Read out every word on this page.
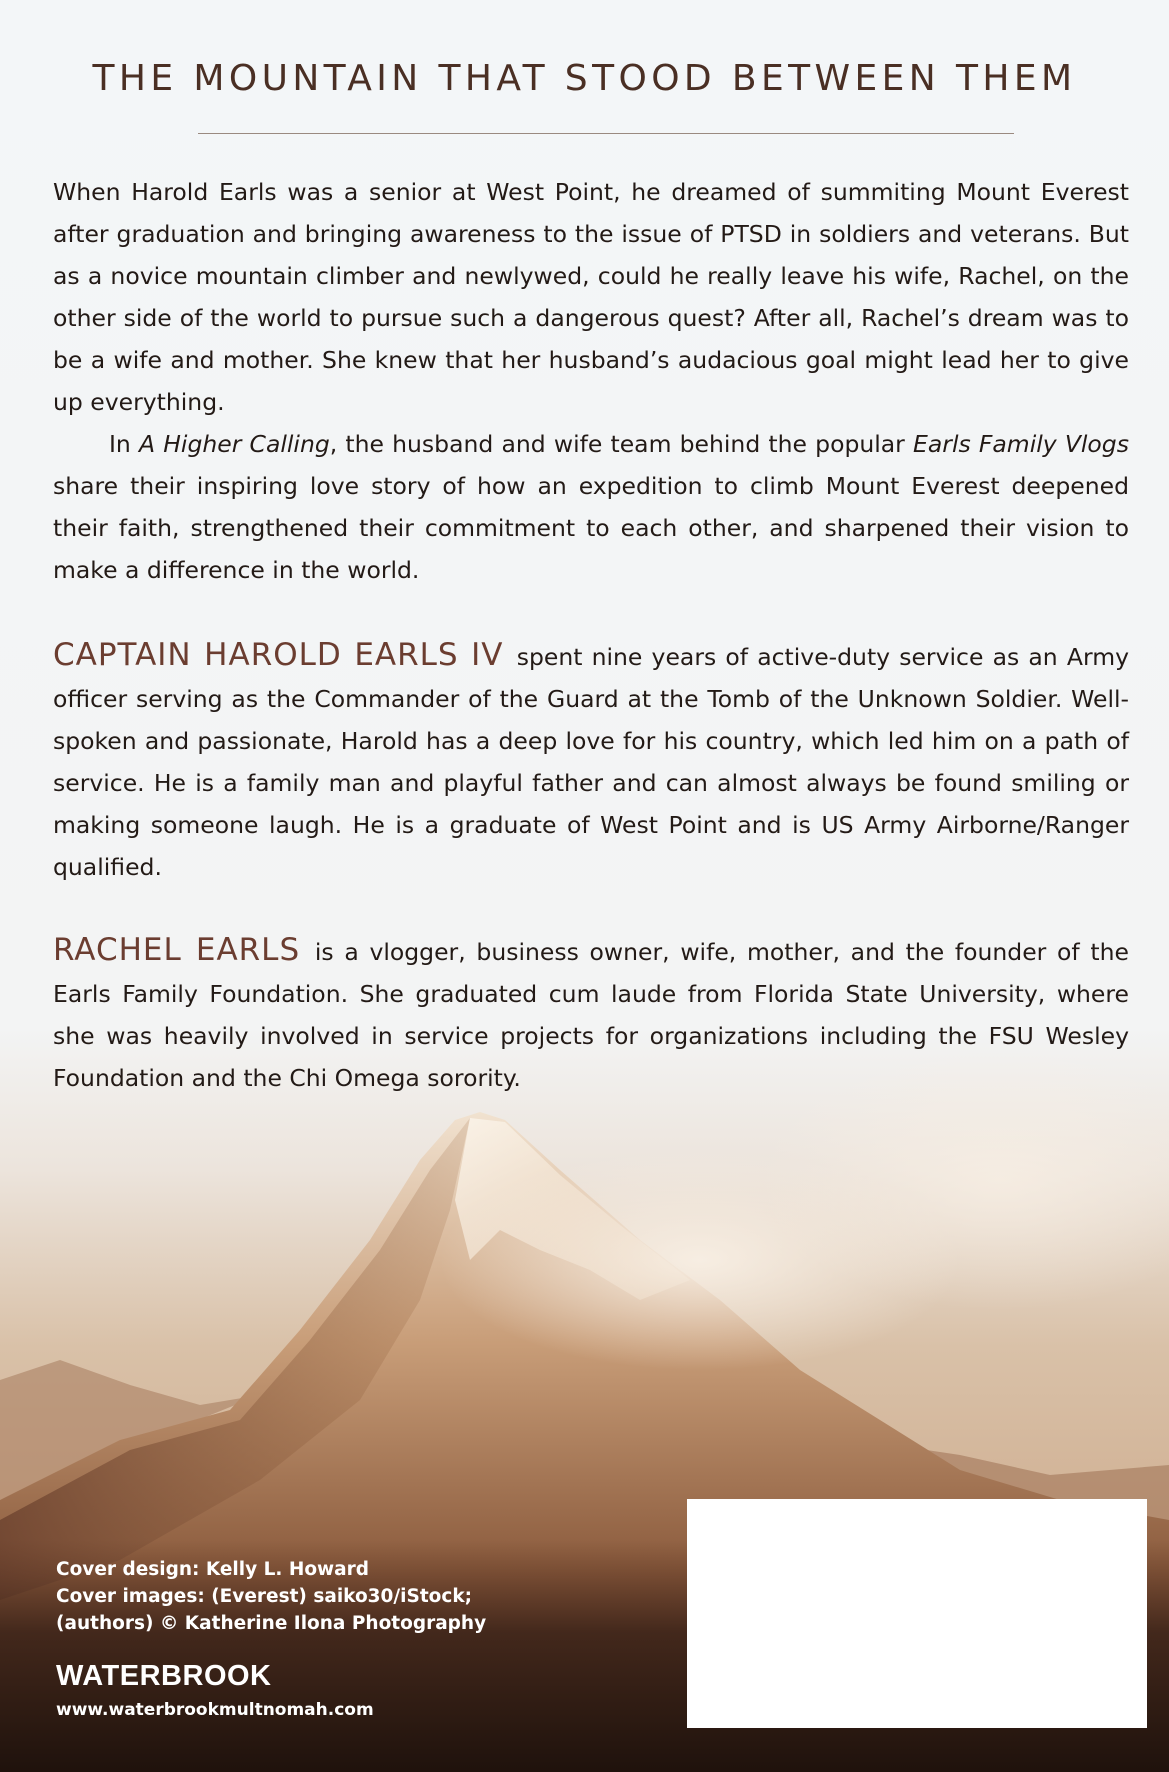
THE MOUNTAIN THAT STOOD BETWEEN THEM

When Harold Earls was a senior at West Point, he dreamed of summiting Mount Everest after graduation and bringing awareness to the issue of PTSD in soldiers and veterans. But as a novice mountain climber and newlywed, could he really leave his wife, Rachel, on the other side of the world to pursue such a dangerous quest? After all, Rachel’s dream was to be a wife and mother. She knew that her husband’s audacious goal might lead her to give up everything.

In A Higher Calling, the husband and wife team behind the popular Earls Family Vlogs share their inspiring love story of how an expedition to climb Mount Everest deepened their faith, strengthened their commitment to each other, and sharpened their vision to make a difference in the world.

CAPTAIN HAROLD EARLS IV spent nine years of active-duty service as an Army officer serving as the Commander of the Guard at the Tomb of the Unknown Soldier. Well-spoken and passionate, Harold has a deep love for his country, which led him on a path of service. He is a family man and playful father and can almost always be found smiling or making someone laugh. He is a graduate of West Point and is US Army Airborne/Ranger qualified.

RACHEL EARLS is a vlogger, business owner, wife, mother, and the founder of the Earls Family Foundation. She graduated cum laude from Florida State University, where she was heavily involved in service projects for organizations including the FSU Wesley Foundation and the Chi Omega sorority.

Cover design: Kelly L. Howard
Cover images: (Everest) saiko30/iStock;
(authors) © Katherine Ilona Photography
WATERBROOK
www.waterbrookmultnomah.com
